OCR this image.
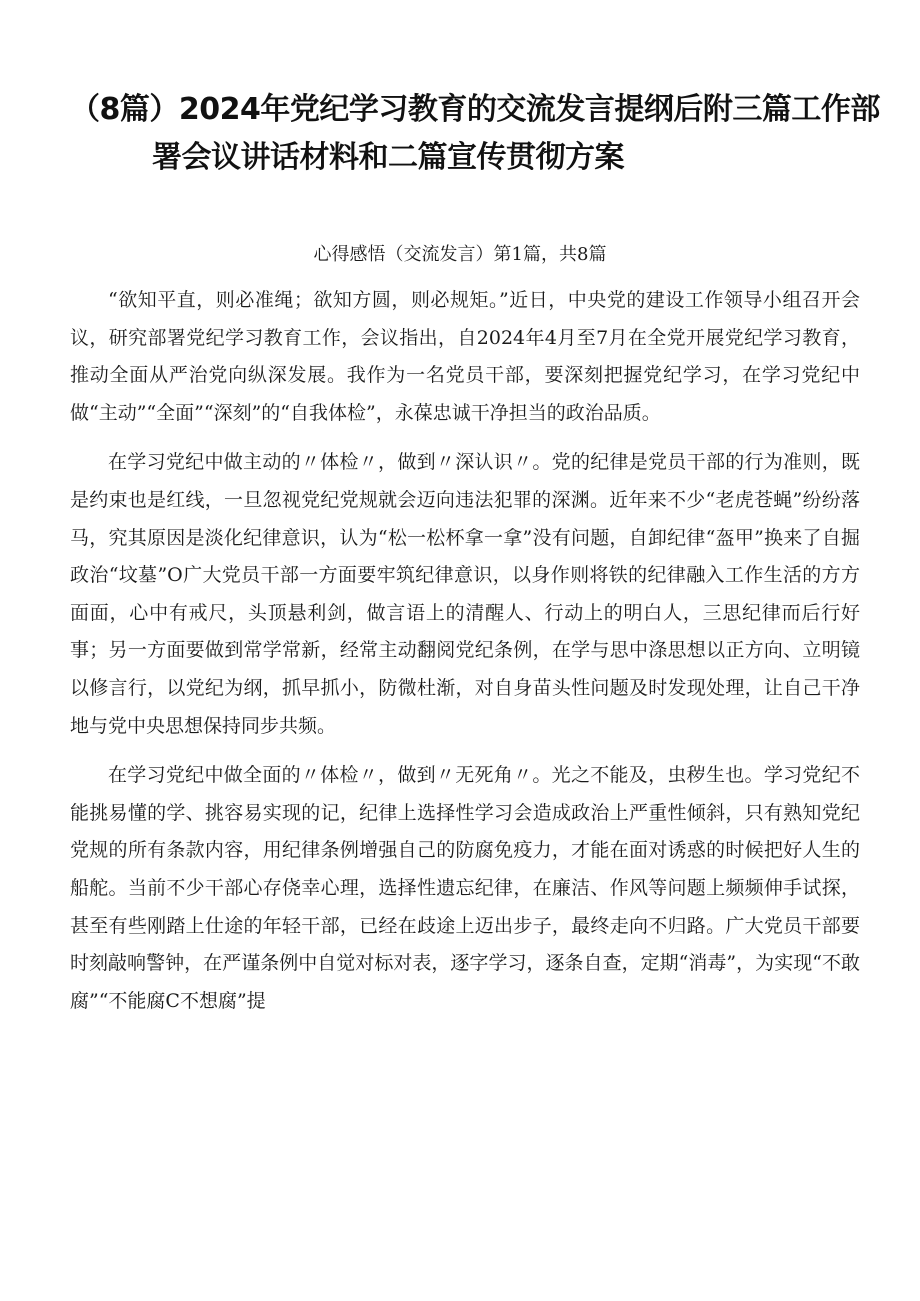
（8篇）2024年党纪学习教育的交流发言提纲后附三篇工作部
署会议讲话材料和二篇宣传贯彻方案

心得感悟（交流发言）第1篇，共8篇

“欲知平直，则必准绳；欲知方圆，则必规矩。”近日，中央党的建设工作领导小组召开会议，研究部署党纪学习教育工作，会议指出，自2024年4月至7月在全党开展党纪学习教育，推动全面从严治党向纵深发展。我作为一名党员干部，要深刻把握党纪学习，在学习党纪中做“主动”“全面”“深刻”的“自我体检”，永葆忠诚干净担当的政治品质。

在学习党纪中做主动的〃体检〃，做到〃深认识〃。党的纪律是党员干部的行为准则，既是约束也是红线，一旦忽视党纪党规就会迈向违法犯罪的深渊。近年来不少“老虎苍蝇”纷纷落马，究其原因是淡化纪律意识，认为“松一松杯拿一拿”没有问题，自卸纪律“盔甲”换来了自掘政治“坟墓”O广大党员干部一方面要牢筑纪律意识，以身作则将铁的纪律融入工作生活的方方面面，心中有戒尺，头顶悬利剑，做言语上的清醒人、行动上的明白人，三思纪律而后行好事；另一方面要做到常学常新，经常主动翻阅党纪条例，在学与思中涤思想以正方向、立明镜以修言行，以党纪为纲，抓早抓小，防微杜渐，对自身苗头性问题及时发现处理，让自己干净地与党中央思想保持同步共频。

在学习党纪中做全面的〃体检〃，做到〃无死角〃。光之不能及，虫秽生也。学习党纪不能挑易懂的学、挑容易实现的记，纪律上选择性学习会造成政治上严重性倾斜，只有熟知党纪党规的所有条款内容，用纪律条例增强自己的防腐免疫力，才能在面对诱惑的时候把好人生的船舵。当前不少干部心存侥幸心理，选择性遗忘纪律，在廉洁、作风等问题上频频伸手试探，甚至有些刚踏上仕途的年轻干部，已经在歧途上迈出步子，最终走向不归路。广大党员干部要时刻敲响警钟，在严谨条例中自觉对标对表，逐字学习，逐条自查，定期“消毒”，为实现“不敢腐”“不能腐C不想腐”提
